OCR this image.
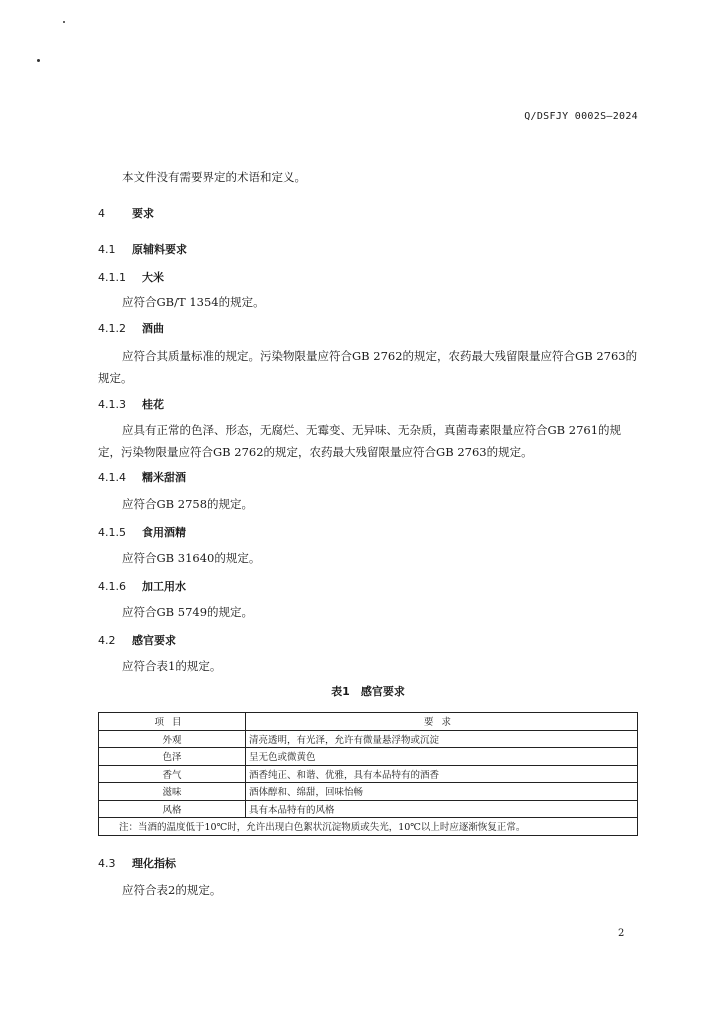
Q/DSFJY 0002S—2024
本文件没有需要界定的术语和定义。
4 要求
4.1 原辅料要求
4.1.1 大米
应符合GB/T 1354的规定。
4.1.2 酒曲
应符合其质量标准的规定。污染物限量应符合GB 2762的规定，农药最大残留限量应符合GB 2763的规定。
4.1.3 桂花
应具有正常的色泽、形态，无腐烂、无霉变、无异味、无杂质，真菌毒素限量应符合GB 2761的规定，污染物限量应符合GB 2762的规定，农药最大残留限量应符合GB 2763的规定。
4.1.4 糯米甜酒
应符合GB 2758的规定。
4.1.5 食用酒精
应符合GB 31640的规定。
4.1.6 加工用水
应符合GB 5749的规定。
4.2 感官要求
应符合表1的规定。
表1　感官要求
项目	要求
外观	清亮透明，有光泽，允许有微量悬浮物或沉淀
色泽	呈无色或微黄色
香气	酒香纯正、和谐、优雅，具有本品特有的酒香
滋味	酒体醇和、绵甜，回味怡畅
风格	具有本品特有的风格
注：当酒的温度低于10℃时，允许出现白色絮状沉淀物质或失光，10℃以上时应逐渐恢复正常。	
4.3 理化指标
应符合表2的规定。
2
